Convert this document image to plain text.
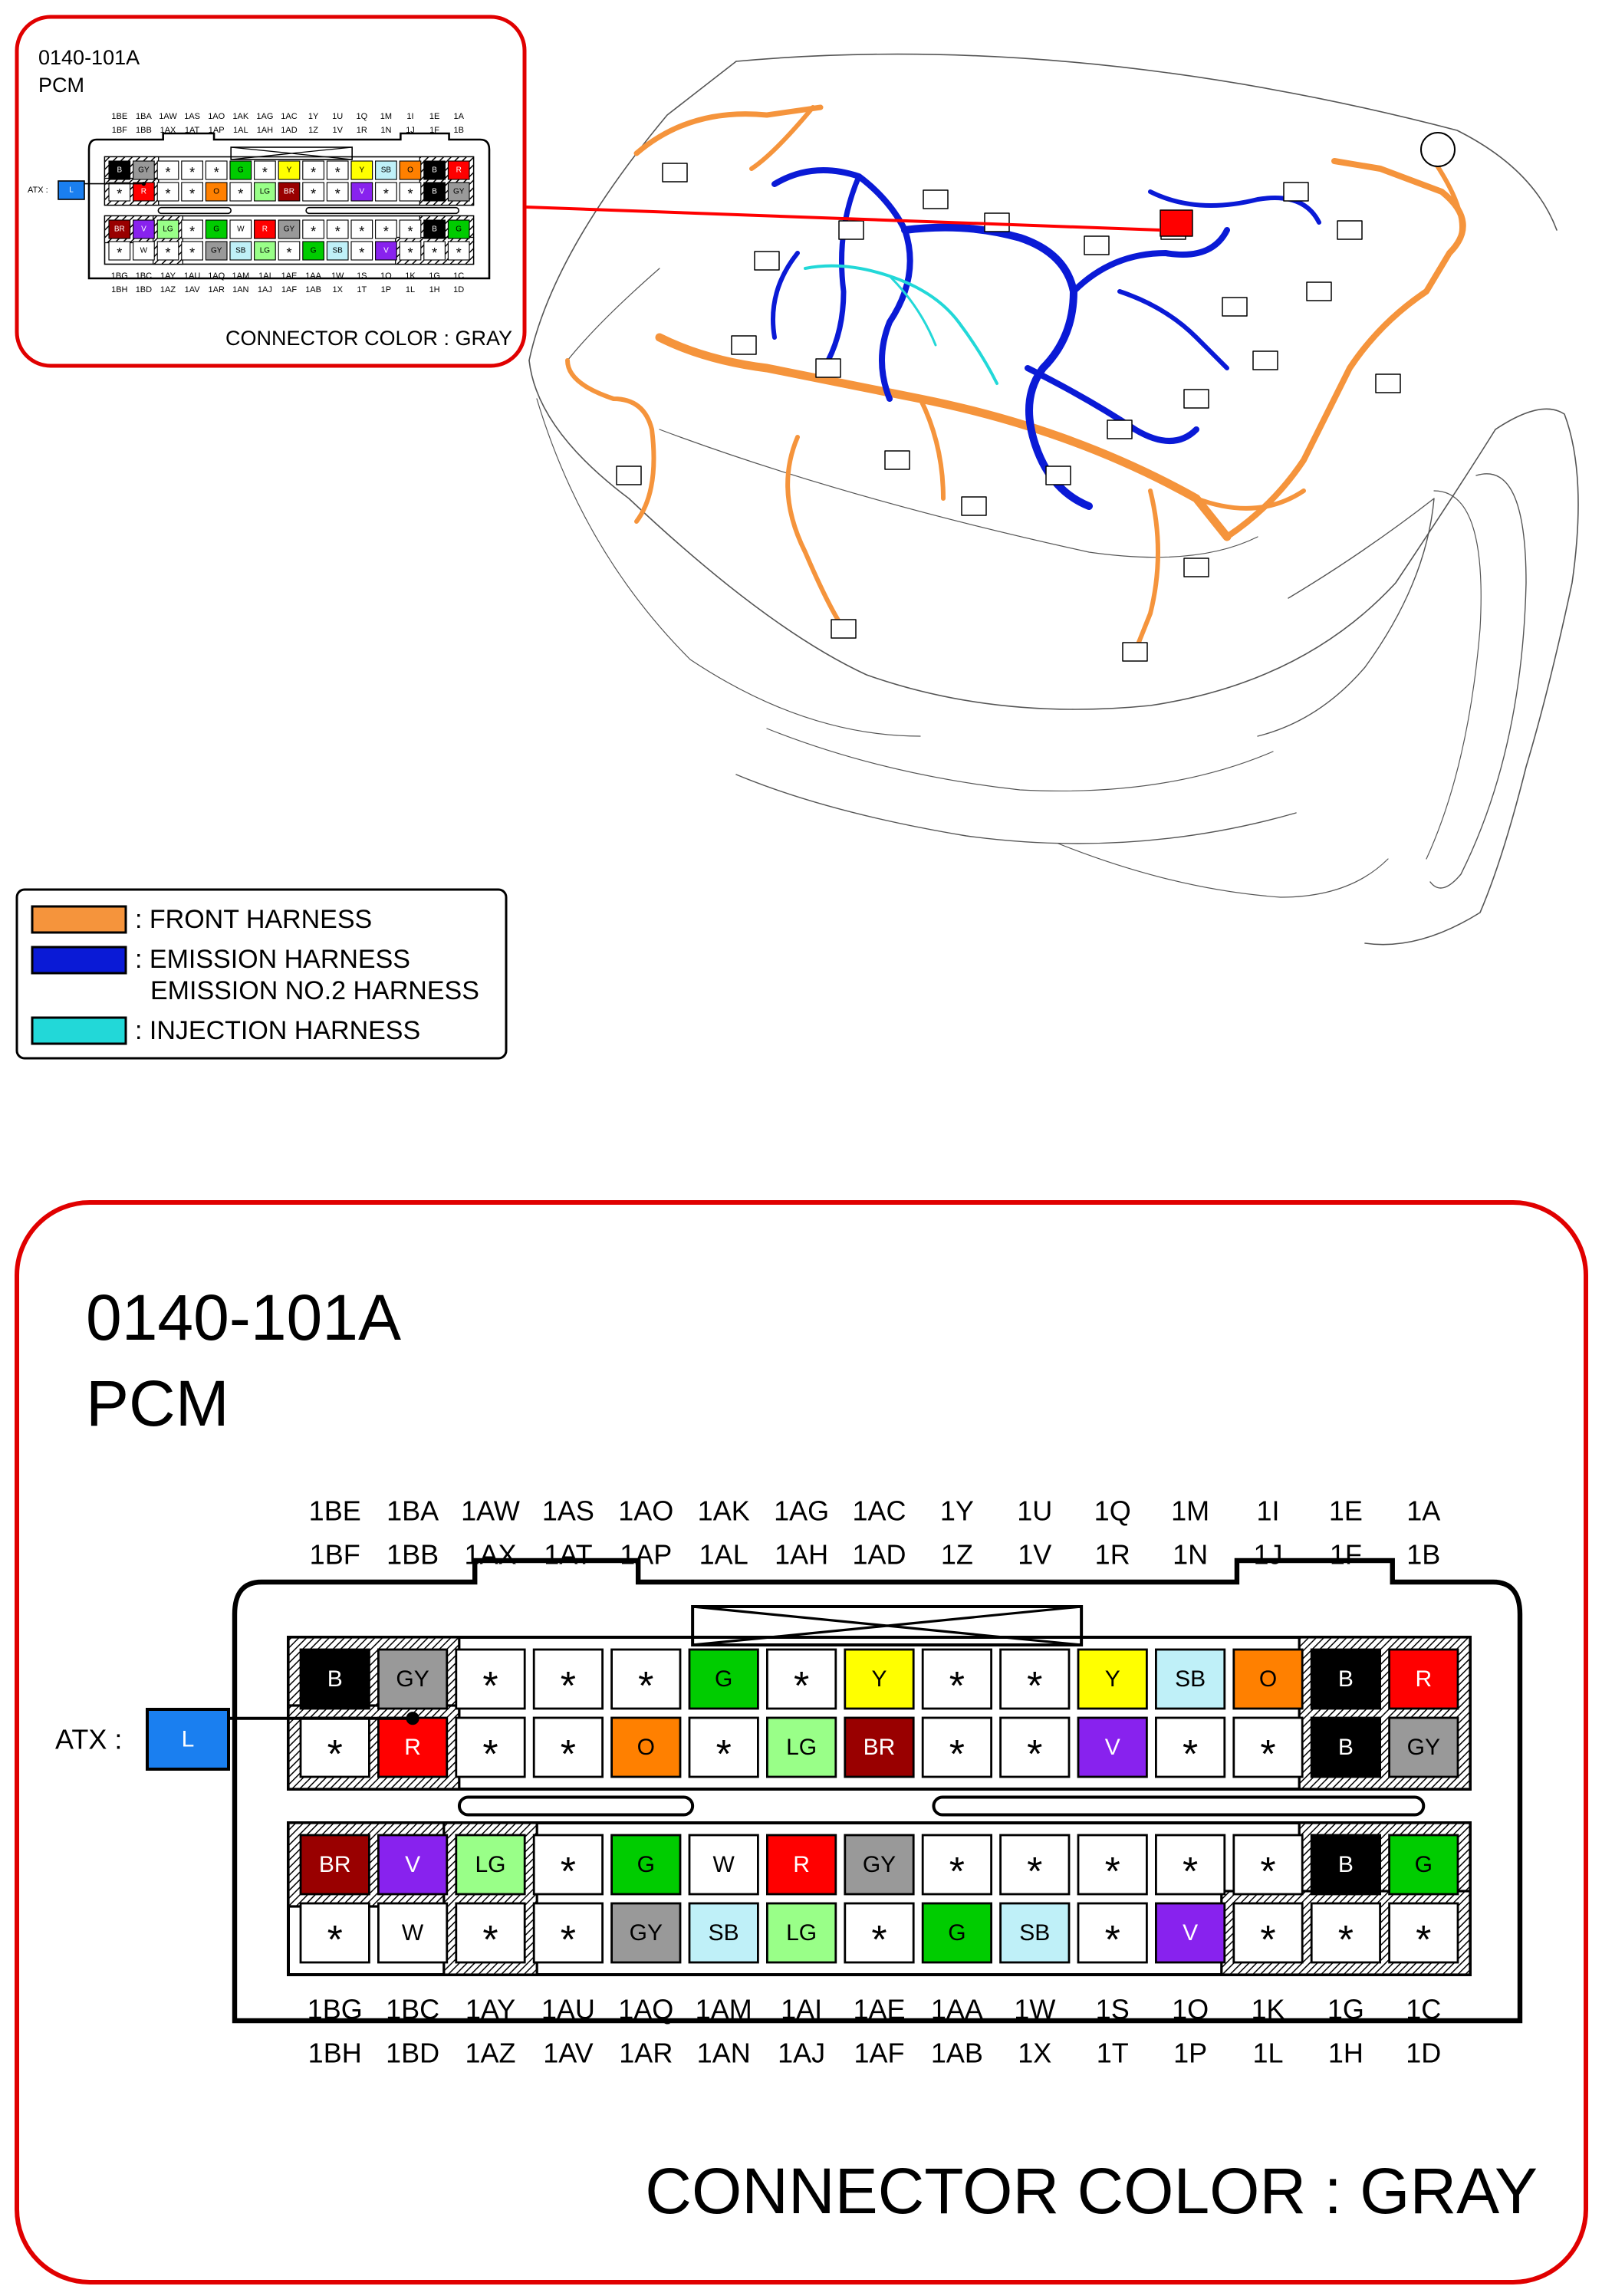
0140-101A
PCM
CONNECTOR COLOR : GRAY
B GY * * *	G *	Y * *	Y SB O	B	R
*	R * *	O * LG BR * *	V * *	B GY
BR V LG *	G	W	R GY * * * * *	B	G
*	W * * GY SB LG *	G SB *	V * * *
1BE 1BA 1AW 1AS 1AO 1AK 1AG 1AC 1Y 1U 1Q 1M 1I 1E 1A
1BF 1BB 1AX 1AT 1AP 1AL 1AH 1AD 1Z 1V 1R 1N 1J 1F 1B
1BG 1BC 1AY 1AU 1AQ 1AM 1AI 1AE 1AA 1W 1S 1O 1K 1G 1C
1BH 1BD 1AZ 1AV 1AR 1AN 1AJ 1AF 1AB 1X 1T 1P 1L 1H 1D
ATX :	L
0140-101A
PCM
CONNECTOR COLOR : GRAY
B GY * * * G * Y * * Y SB O B R
* R * * O * LG BR * * V * * B GY
BR V LG * G W R GY * * * * * B G
* W * * GY SB LG * G SB * V * * *
1BE 1BA 1AW 1AS 1AO 1AK 1AG 1AC 1Y 1U 1Q 1M 1I 1E 1A
1BF 1BB 1AX 1AT 1AP 1AL 1AH 1AD 1Z 1V 1R 1N 1J 1F 1B
1BG 1BC 1AY 1AU 1AQ 1AM 1AI 1AE 1AA 1W 1S 1O 1K 1G 1C
1BH 1BD 1AZ 1AV 1AR 1AN 1AJ 1AF 1AB 1X 1T 1P 1L 1H 1D
ATX :	L
: FRONT HARNESS
: EMISSION HARNESS
EMISSION NO.2 HARNESS
: INJECTION HARNESS
